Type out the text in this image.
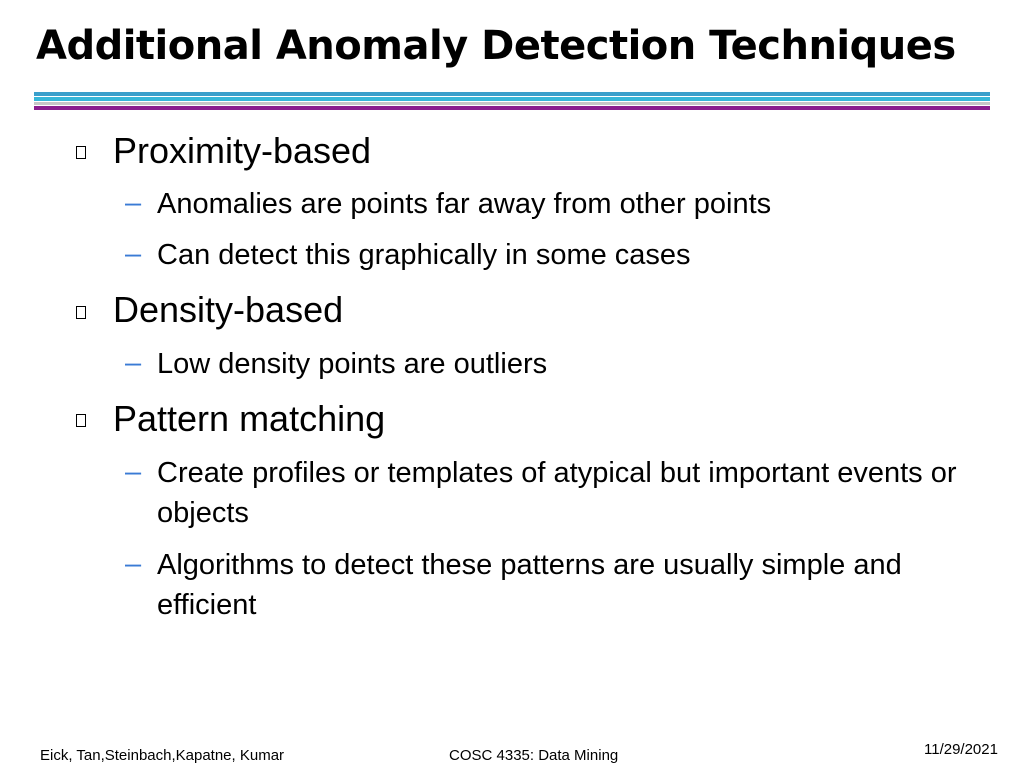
Additional Anomaly Detection Techniques
Proximity-based
– Anomalies are points far away from other points
– Can detect this graphically in some cases
Density-based
– Low density points are outliers
Pattern matching
– Create profiles or templates of atypical but important events or objects
– Algorithms to detect these patterns are usually simple and efficient
Eick, Tan,Steinbach,Kapatne, Kumar	COSC 4335: Data Mining	11/29/2021
